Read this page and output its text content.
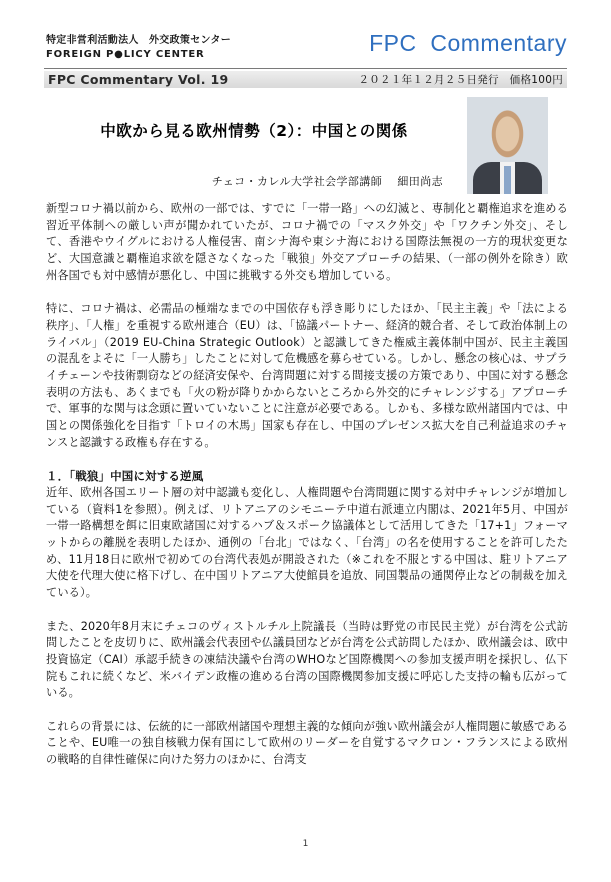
特定非営利活動法人　外交政策センター
FOREIGN P●LICY CENTER	FPC  Commentary
FPC Commentary Vol. 19	２０２１年１２月２５日発行　価格100円
中欧から見る欧州情勢（2）：中国との関係
チェコ・カレル大学社会学部講師　 細田尚志

新型コロナ禍以前から、欧州の一部では、すでに「一帯一路」への幻滅と、専制化と覇権追求を進める習近平体制への厳しい声が聞かれていたが、コロナ禍での「マスク外交」や「ワクチン外交」、そして、香港やウイグルにおける人権侵害、南シナ海や東シナ海における国際法無視の一方的現状変更など、大国意識と覇権追求欲を隠さなくなった「戦狼」外交アプローチの結果、（一部の例外を除き）欧州各国でも対中感情が悪化し、中国に挑戦する外交も増加している。

特に、コロナ禍は、必需品の極端なまでの中国依存も浮き彫りにしたほか、「民主主義」や「法による秩序」、「人権」を重視する欧州連合（EU）は、「協議パートナー、経済的競合者、そして政治体制上のライバル」（2019 EU-China Strategic Outlook）と認識してきた権威主義体制中国が、民主主義国の混乱をよそに「一人勝ち」したことに対して危機感を募らせている。しかし、懸念の核心は、サプライチェーンや技術剽窃などの経済安保や、台湾問題に対する間接支援の方策であり、中国に対する懸念表明の方法も、あくまでも「火の粉が降りかからないところから外交的にチャレンジする」アプローチで、軍事的な関与は念頭に置いていないことに注意が必要である。しかも、多様な欧州諸国内では、中国との関係強化を目指す「トロイの木馬」国家も存在し、中国のプレゼンス拡大を自己利益追求のチャンスと認識する政権も存在する。

１．「戦狼」中国に対する逆風

近年、欧州各国エリート層の対中認識も変化し、人権問題や台湾問題に関する対中チャレンジが増加している（資料1を参照）。例えば、リトアニアのシモニーテ中道右派連立内閣は、2021年5月、中国が一帯一路構想を餌に旧東欧諸国に対するハブ＆スポーク協議体として活用してきた「17+1」フォーマットからの離脱を表明したほか、通例の「台北」ではなく、「台湾」の名を使用することを許可したため、11月18日に欧州で初めての台湾代表処が開設された（※これを不服とする中国は、駐リトアニア大使を代理大使に格下げし、在中国リトアニア大使館員を追放、同国製品の通関停止などの制裁を加えている）。

また、2020年8月末にチェコのヴィストルチル上院議長（当時は野党の市民民主党）が台湾を公式訪問したことを皮切りに、欧州議会代表団や仏議員団などが台湾を公式訪問したほか、欧州議会は、欧中投資協定（CAI）承認手続きの凍結決議や台湾のWHOなど国際機関への参加支援声明を採択し、仏下院もこれに続くなど、米バイデン政権の進める台湾の国際機関参加支援に呼応した支持の輪も広がっている。

これらの背景には、伝統的に一部欧州諸国や理想主義的な傾向が強い欧州議会が人権問題に敏感であることや、EU唯一の独自核戦力保有国にして欧州のリーダーを自覚するマクロン・フランスによる欧州の戦略的自律性確保に向けた努力のほかに、台湾支

1
